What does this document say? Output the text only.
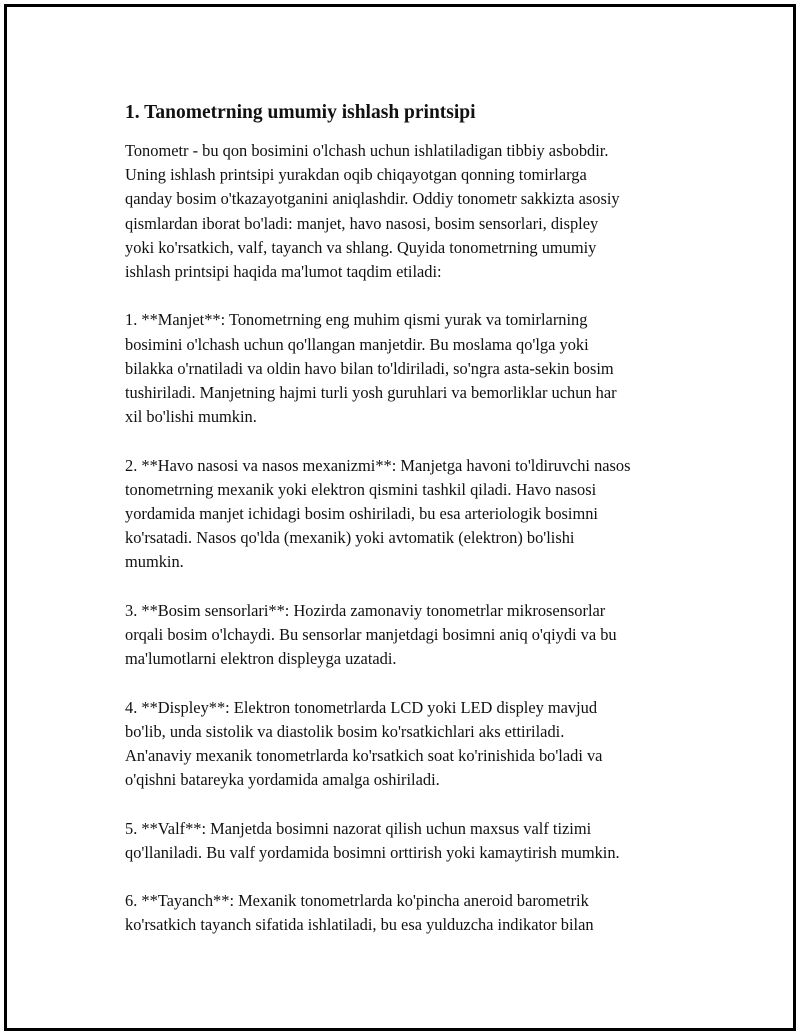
1. Tanometrning umumiy ishlash printsipi

Tonometr - bu qon bosimini o'lchash uchun ishlatiladigan tibbiy asbobdir.
Uning ishlash printsipi yurakdan oqib chiqayotgan qonning tomirlarga
qanday bosim o'tkazayotganini aniqlashdir. Oddiy tonometr sakkizta asosiy
qismlardan iborat bo'ladi: manjet, havo nasosi, bosim sensorlari, displey
yoki ko'rsatkich, valf, tayanch va shlang. Quyida tonometrning umumiy
ishlash printsipi haqida ma'lumot taqdim etiladi:

1. **Manjet**: Tonometrning eng muhim qismi yurak va tomirlarning
bosimini o'lchash uchun qo'llangan manjetdir. Bu moslama qo'lga yoki
bilakka o'rnatiladi va oldin havo bilan to'ldiriladi, so'ngra asta-sekin bosim
tushiriladi. Manjetning hajmi turli yosh guruhlari va bemorliklar uchun har
xil bo'lishi mumkin.

2. **Havo nasosi va nasos mexanizmi**: Manjetga havoni to'ldiruvchi nasos
tonometrning mexanik yoki elektron qismini tashkil qiladi. Havo nasosi
yordamida manjet ichidagi bosim oshiriladi, bu esa arteriologik bosimni
ko'rsatadi. Nasos qo'lda (mexanik) yoki avtomatik (elektron) bo'lishi
mumkin.

3. **Bosim sensorlari**: Hozirda zamonaviy tonometrlar mikrosensorlar
orqali bosim o'lchaydi. Bu sensorlar manjetdagi bosimni aniq o'qiydi va bu
ma'lumotlarni elektron displeyga uzatadi.

4. **Displey**: Elektron tonometrlarda LCD yoki LED displey mavjud
bo'lib, unda sistolik va diastolik bosim ko'rsatkichlari aks ettiriladi.
An'anaviy mexanik tonometrlarda ko'rsatkich soat ko'rinishida bo'ladi va
o'qishni batareyka yordamida amalga oshiriladi.

5. **Valf**: Manjetda bosimni nazorat qilish uchun maxsus valf tizimi
qo'llaniladi. Bu valf yordamida bosimni orttirish yoki kamaytirish mumkin.

6. **Tayanch**: Mexanik tonometrlarda ko'pincha aneroid barometrik
ko'rsatkich tayanch sifatida ishlatiladi, bu esa yulduzcha indikator bilan
